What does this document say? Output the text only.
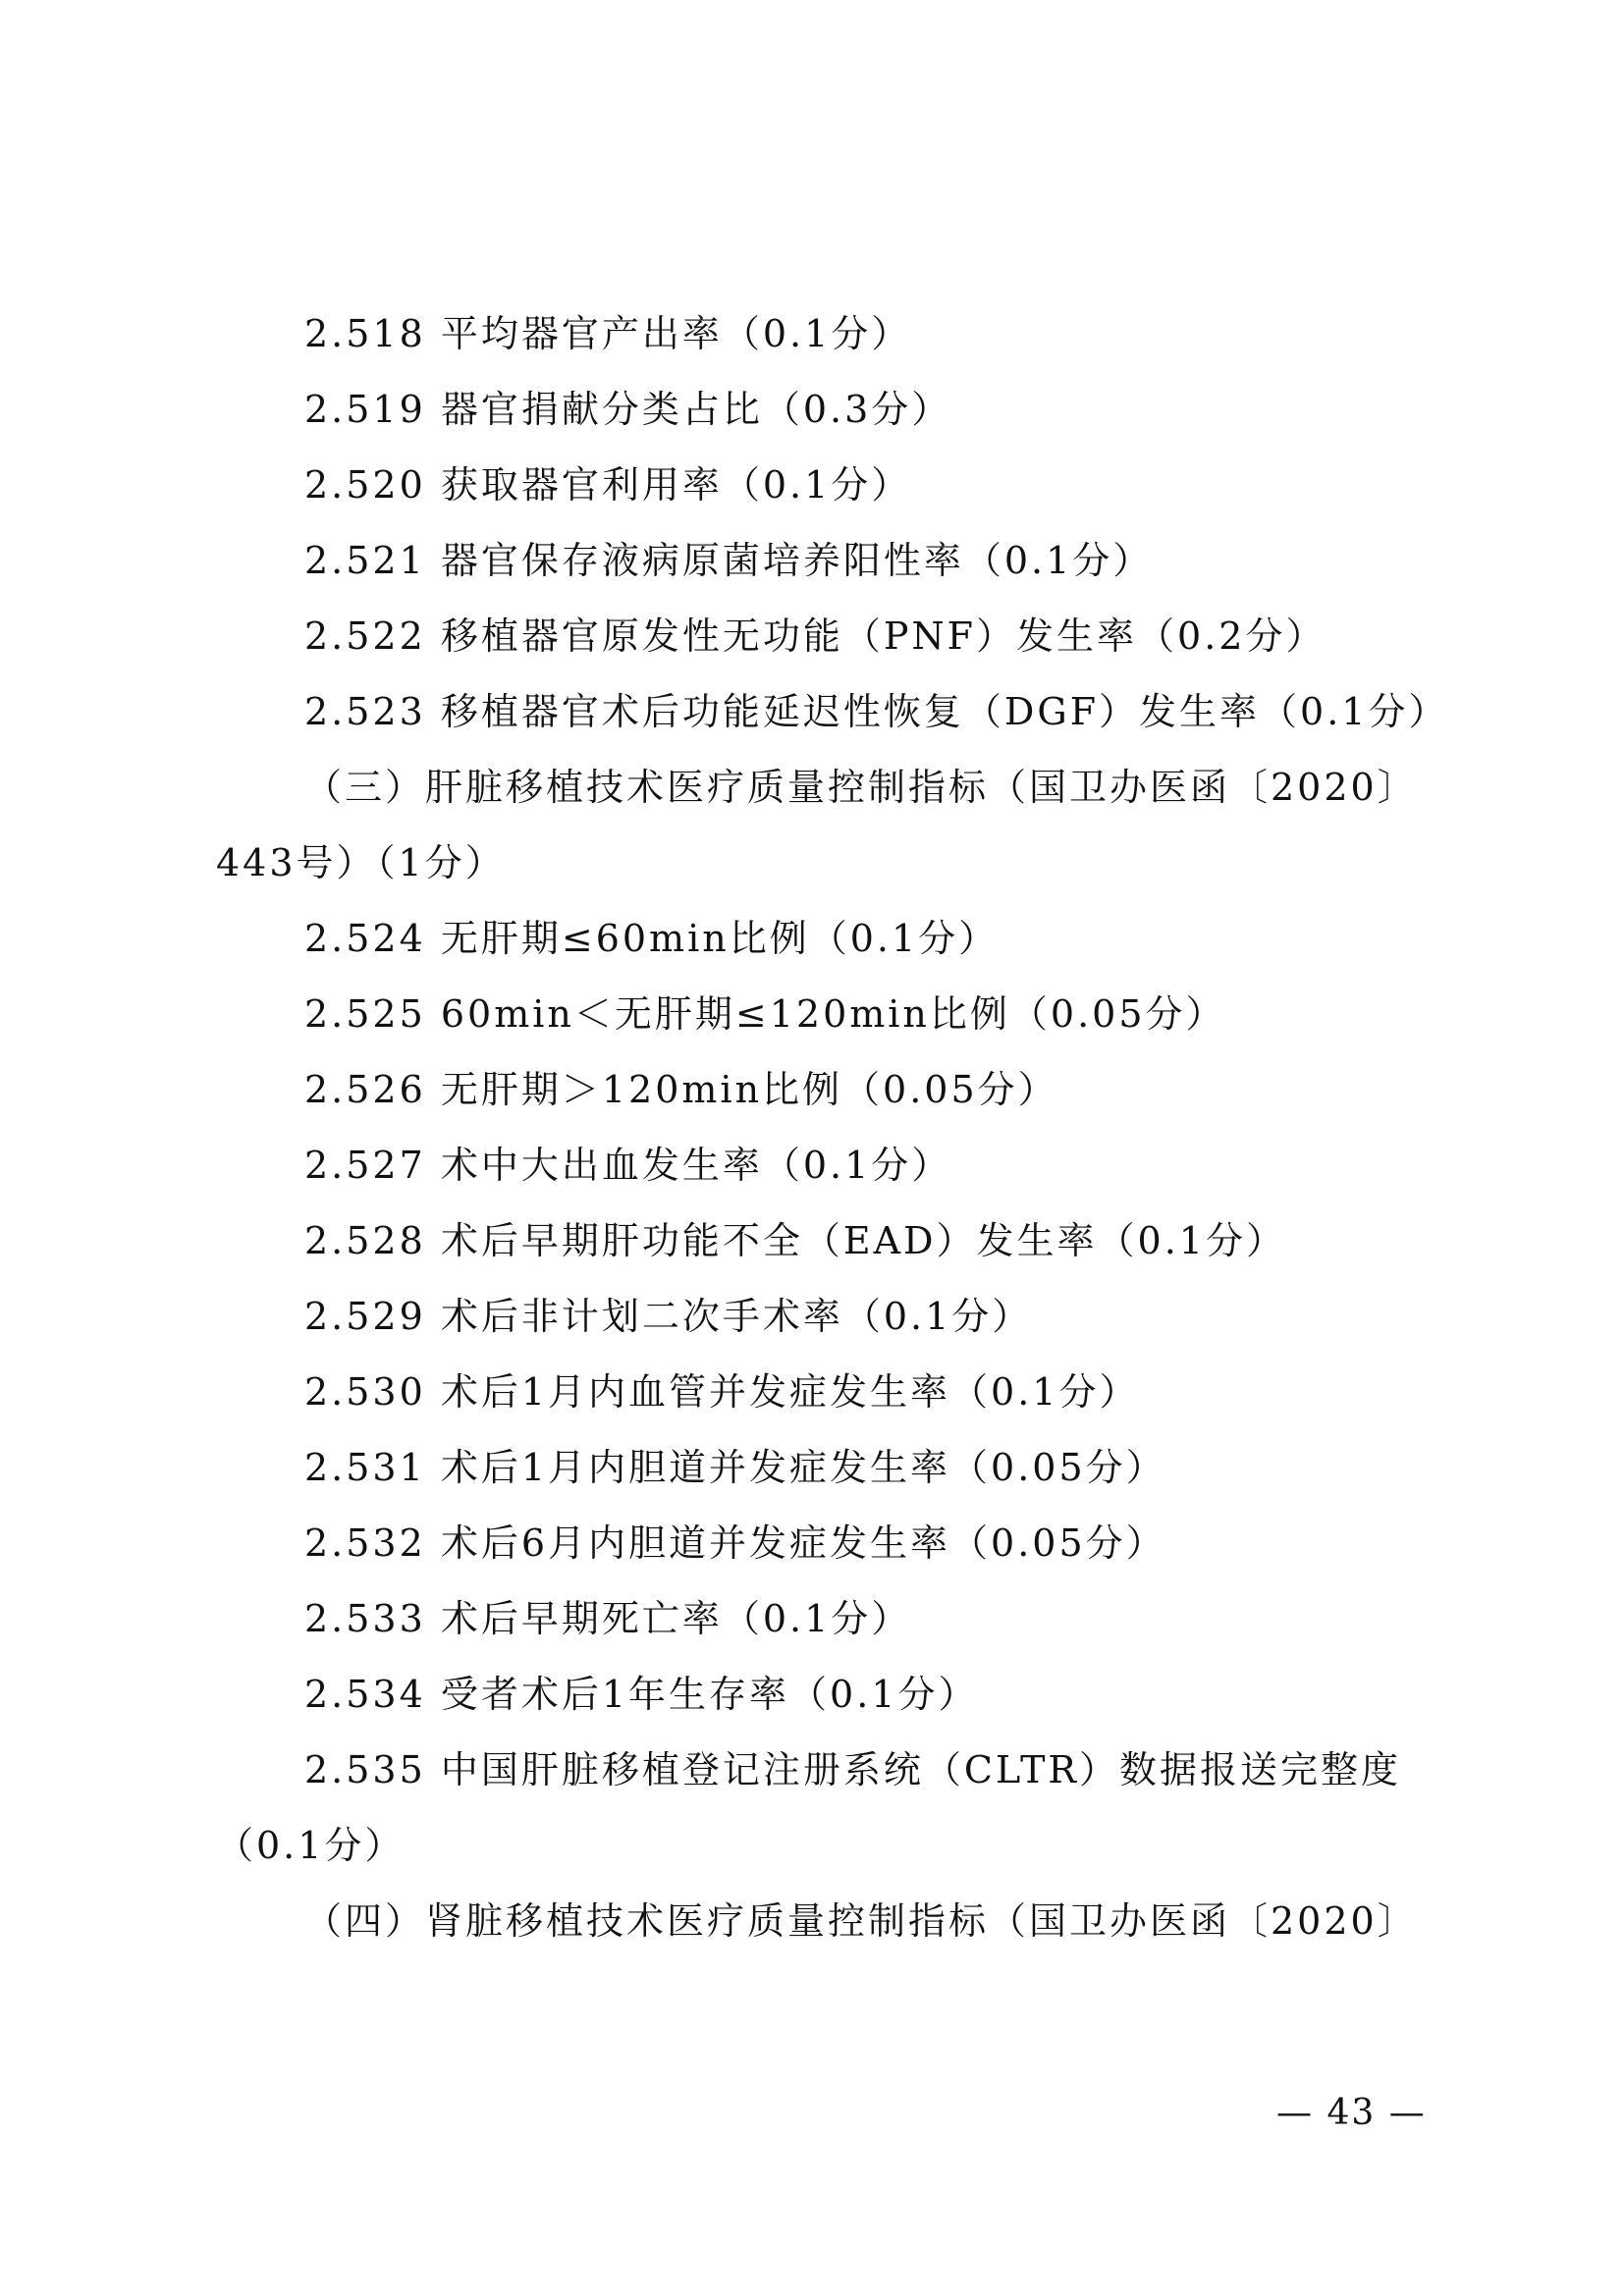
2.518 平均器官产出率（0.1分）
2.519 器官捐献分类占比（0.3分）
2.520 获取器官利用率（0.1分）
2.521 器官保存液病原菌培养阳性率（0.1分）
2.522 移植器官原发性无功能（PNF）发生率（0.2分）
2.523 移植器官术后功能延迟性恢复（DGF）发生率（0.1分）
（三）肝脏移植技术医疗质量控制指标（国卫办医函〔2020〕
443号）（1分）
2.524 无肝期≤60min比例（0.1分）
2.525 60min＜无肝期≤120min比例（0.05分）
2.526 无肝期＞120min比例（0.05分）
2.527 术中大出血发生率（0.1分）
2.528 术后早期肝功能不全（EAD）发生率（0.1分）
2.529 术后非计划二次手术率（0.1分）
2.530 术后1月内血管并发症发生率（0.1分）
2.531 术后1月内胆道并发症发生率（0.05分）
2.532 术后6月内胆道并发症发生率（0.05分）
2.533 术后早期死亡率（0.1分）
2.534 受者术后1年生存率（0.1分）
2.535 中国肝脏移植登记注册系统（CLTR）数据报送完整度
（0.1分）
（四）肾脏移植技术医疗质量控制指标（国卫办医函〔2020〕
— 43 —
